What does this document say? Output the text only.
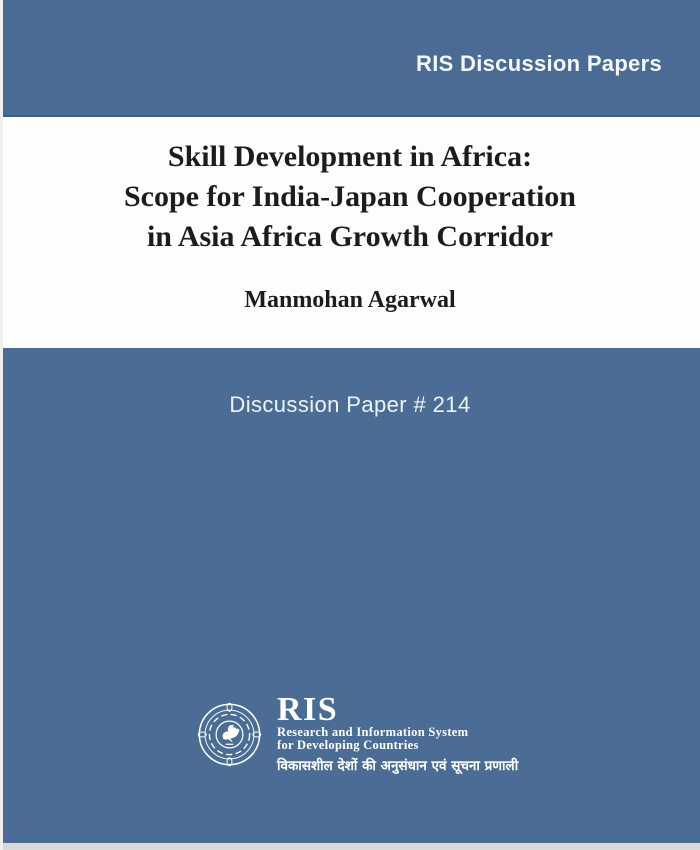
RIS Discussion Papers
Skill Development in Africa:
Scope for India-Japan Cooperation
in Asia Africa Growth Corridor
Manmohan Agarwal
Discussion Paper # 214
RIS
Research and Information System
for Developing Countries
विकासशील देशों की अनुसंधान एवं सूचना प्रणाली
